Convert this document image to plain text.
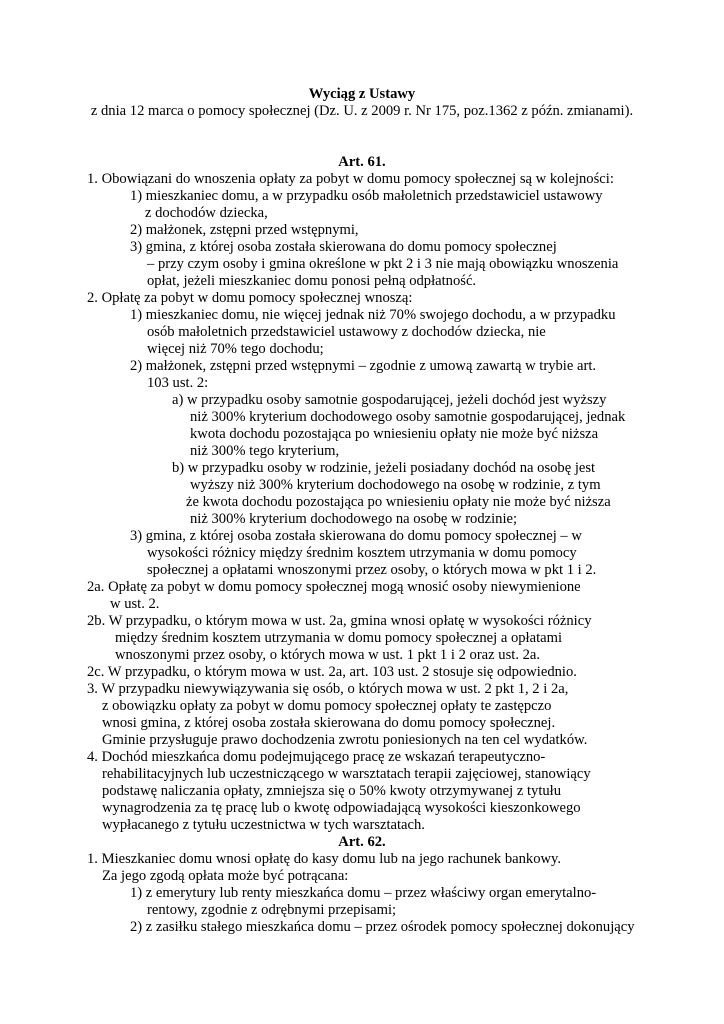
Wyciąg z Ustawy
z dnia 12 marca o pomocy społecznej (Dz. U. z 2009 r. Nr 175, poz.1362 z późn. zmianami).
Art. 61.
1. Obowiązani do wnoszenia opłaty za pobyt w domu pomocy społecznej są w kolejności:
1) mieszkaniec domu, a w przypadku osób małoletnich przedstawiciel ustawowy
z dochodów dziecka,
2) małżonek, zstępni przed wstępnymi,
3) gmina, z której osoba została skierowana do domu pomocy społecznej
– przy czym osoby i gmina określone w pkt 2 i 3 nie mają obowiązku wnoszenia
opłat, jeżeli mieszkaniec domu ponosi pełną odpłatność.
2. Opłatę za pobyt w domu pomocy społecznej wnoszą:
1) mieszkaniec domu, nie więcej jednak niż 70% swojego dochodu, a w przypadku
osób małoletnich przedstawiciel ustawowy z dochodów dziecka, nie
więcej niż 70% tego dochodu;
2) małżonek, zstępni przed wstępnymi – zgodnie z umową zawartą w trybie art.
103 ust. 2:
a) w przypadku osoby samotnie gospodarującej, jeżeli dochód jest wyższy
niż 300% kryterium dochodowego osoby samotnie gospodarującej, jednak
kwota dochodu pozostająca po wniesieniu opłaty nie może być niższa
niż 300% tego kryterium,
b) w przypadku osoby w rodzinie, jeżeli posiadany dochód na osobę jest
wyższy niż 300% kryterium dochodowego na osobę w rodzinie, z tym
że kwota dochodu pozostająca po wniesieniu opłaty nie może być niższa
niż 300% kryterium dochodowego na osobę w rodzinie;
3) gmina, z której osoba została skierowana do domu pomocy społecznej – w
wysokości różnicy między średnim kosztem utrzymania w domu pomocy
społecznej a opłatami wnoszonymi przez osoby, o których mowa w pkt 1 i 2.
2a. Opłatę za pobyt w domu pomocy społecznej mogą wnosić osoby niewymienione
w ust. 2.
2b. W przypadku, o którym mowa w ust. 2a, gmina wnosi opłatę w wysokości różnicy
między średnim kosztem utrzymania w domu pomocy społecznej a opłatami
wnoszonymi przez osoby, o których mowa w ust. 1 pkt 1 i 2 oraz ust. 2a.
2c. W przypadku, o którym mowa w ust. 2a, art. 103 ust. 2 stosuje się odpowiednio.
3. W przypadku niewywiązywania się osób, o których mowa w ust. 2 pkt 1, 2 i 2a,
z obowiązku opłaty za pobyt w domu pomocy społecznej opłaty te zastępczo
wnosi gmina, z której osoba została skierowana do domu pomocy społecznej.
Gminie przysługuje prawo dochodzenia zwrotu poniesionych na ten cel wydatków.
4. Dochód mieszkańca domu podejmującego pracę ze wskazań terapeutyczno-
rehabilitacyjnych lub uczestniczącego w warsztatach terapii zajęciowej, stanowiący
podstawę naliczania opłaty, zmniejsza się o 50% kwoty otrzymywanej z tytułu
wynagrodzenia za tę pracę lub o kwotę odpowiadającą wysokości kieszonkowego
wypłacanego z tytułu uczestnictwa w tych warsztatach.
Art. 62.
1. Mieszkaniec domu wnosi opłatę do kasy domu lub na jego rachunek bankowy.
Za jego zgodą opłata może być potrącana:
1) z emerytury lub renty mieszkańca domu – przez właściwy organ emerytalno-
rentowy, zgodnie z odrębnymi przepisami;
2) z zasiłku stałego mieszkańca domu – przez ośrodek pomocy społecznej dokonujący
